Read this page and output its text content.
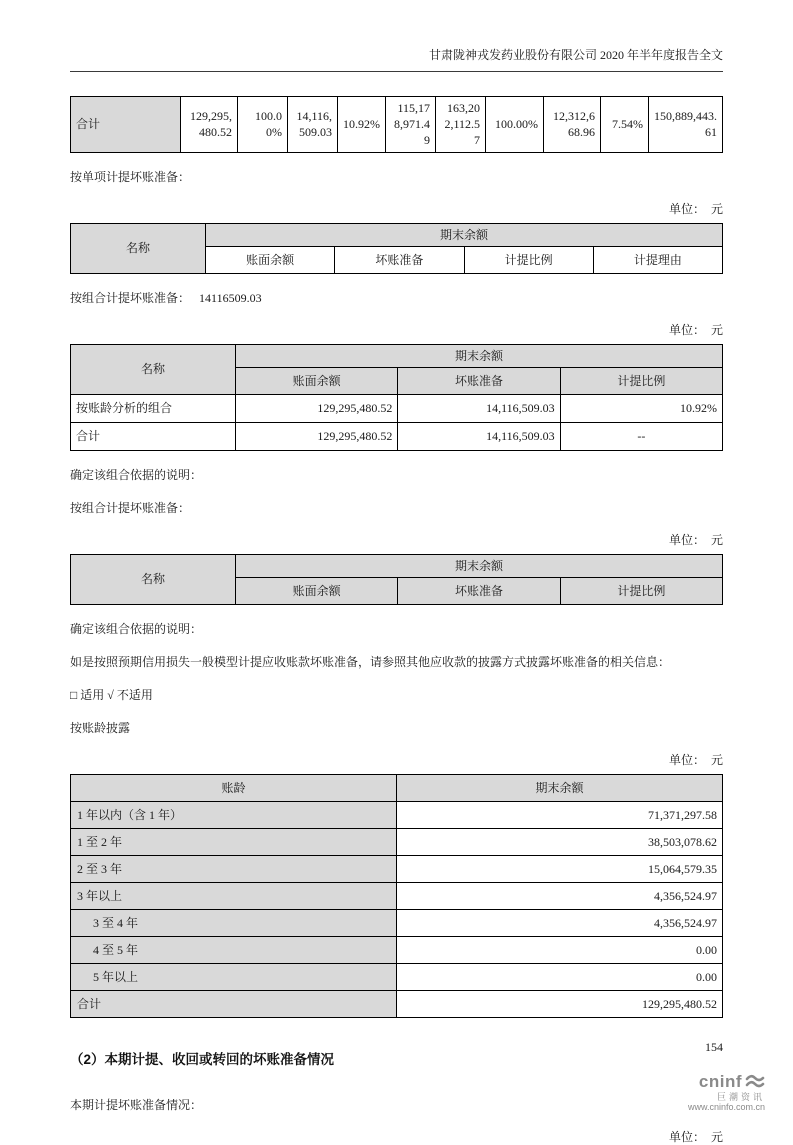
甘肃陇神戎发药业股份有限公司 2020 年半年度报告全文
合计	129,295,480.52	100.00%	14,116,509.03	10.92%	115,178,971.49	163,202,112.57	100.00%	12,312,668.96	7.54%	150,889,443.61
按单项计提坏账准备：
单位：  元
名称	期末余额			
	账面余额	坏账准备	计提比例	计提理由
按组合计提坏账准备： 14116509.03
单位：  元
名称	期末余额		
	账面余额	坏账准备	计提比例
按账龄分析的组合	129,295,480.52	14,116,509.03	10.92%
合计	129,295,480.52	14,116,509.03	--
确定该组合依据的说明：
按组合计提坏账准备：
单位：  元
名称	期末余额		
	账面余额	坏账准备	计提比例
确定该组合依据的说明：
如是按照预期信用损失一般模型计提应收账款坏账准备，请参照其他应收款的披露方式披露坏账准备的相关信息：
□ 适用 √ 不适用
按账龄披露
单位：  元
账龄	期末余额
1 年以内（含 1 年）	71,371,297.58
1 至 2 年	38,503,078.62
2 至 3 年	15,064,579.35
3 年以上	4,356,524.97
3 至 4 年	4,356,524.97
4 至 5 年	0.00
5 年以上	0.00
合计	129,295,480.52
（2）本期计提、收回或转回的坏账准备情况
本期计提坏账准备情况：
单位：  元
154
cninf
巨潮资讯
www.cninfo.com.cn
